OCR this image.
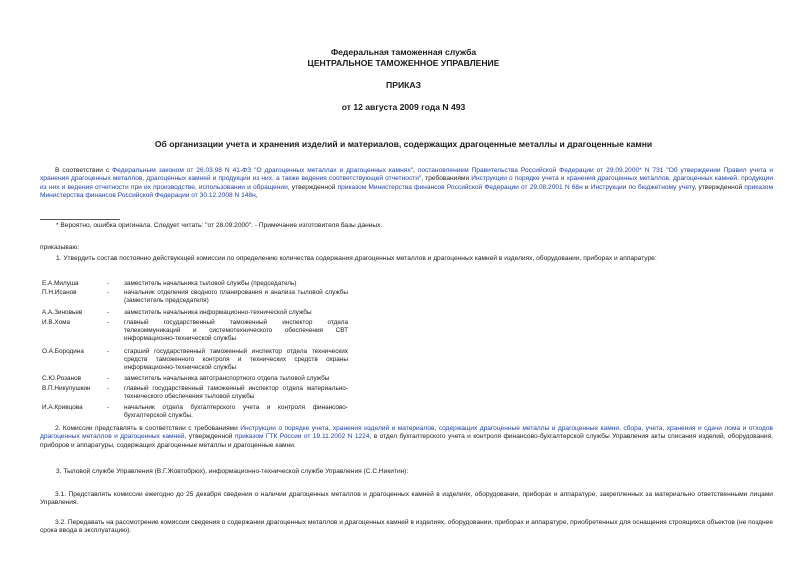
Федеральная таможенная служба
ЦЕНТРАЛЬНОЕ ТАМОЖЕННОЕ УПРАВЛЕНИЕ
ПРИКАЗ
от 12 августа 2009 года N 493
Об организации учета и хранения изделий и материалов, содержащих драгоценные металлы и драгоценные камни
В соответствии с Федеральным законом от 26.03.98 N 41-ФЗ "О драгоценных металлах и драгоценных камнях", постановлением Правительства Российской Федерации от 29.09.2000* N 731 "Об утверждении Правил учета и хранения драгоценных металлов, драгоценных камней и продукции из них, а также ведения соответствующей отчетности", требованиями Инструкции о порядке учета и хранения драгоценных металлов, драгоценных камней, продукции из них и ведения отчетности при их производстве, использовании и обращении, утвержденной приказом Министерства финансов Российской Федерации от 29.08.2001 N 68н и Инструкции по бюджетному учету, утвержденной приказом Министерства финансов Российской Федерации от 30.12.2008 N 148н,
* Вероятно, ошибка оригинала. Следует читать: "от 28.09.2000". - Примечание изготовителя базы данных.
приказываю:
1. Утвердить состав постоянно действующей комиссии по определению количества содержания драгоценных металлов и драгоценных камней в изделиях, оборудовании, приборах и аппаратуре:
Е.А.Милуша	-	заместитель начальника тыловой службы (председатель)
П.Н.Исанов	-	начальник отделения сводного планирования и анализа тыловой службы (заместитель председателя)
А.А.Зиновьев	-	заместитель начальника информационно-технической службы
И.В.Хома	-	главный государственный таможенный инспектор отдела телекоммуникаций и системотехнического обеспечения СВТ информационно-технической службы
О.А.Бородина	-	старший государственный таможенный инспектор отдела технических средств таможенного контроля и технических средств охраны информационно-технической службы
С.Ю.Розанов	-	заместитель начальника автотранспортного отдела тыловой службы
В.П.Никулушкин	-	главный государственный таможенный инспектор отдела материально-технического обеспечения тыловой службы
И.А.Кривцова	-	начальник отдела бухгалтерского учета и контроля финансово-бухгалтерской службы.
2. Комиссии представлять в соответствии с требованиями Инструкции о порядке учета, хранения изделий и материалов, содержащих драгоценные металлы и драгоценные камни, сбора, учета, хранения и сдачи лома и отходов драгоценных металлов и драгоценных камней, утвержденной приказом ГТК России от 19.11.2002 N 1224, в отдел бухгалтерского учета и контроля финансово-бухгалтерской службы Управления акты списания изделий, оборудования, приборов и аппаратуры, содержащих драгоценные металлы и драгоценные камни.
3. Тыловой службе Управления (В.Г.Жовтобрюх), информационно-технической службе Управления (С.С.Никитин):
3.1. Представлять комиссии ежегодно до 25 декабря сведения о наличии драгоценных металлов и драгоценных камней в изделиях, оборудовании, приборах и аппаратуре, закрепленных за материально ответственными лицами Управления.
3.2. Передавать на рассмотрение комиссии сведения о содержании драгоценных металлов и драгоценных камней в изделиях, оборудовании, приборах и аппаратуре, приобретенных для оснащения строящихся объектов (не позднее срока ввода в эксплуатацию).
